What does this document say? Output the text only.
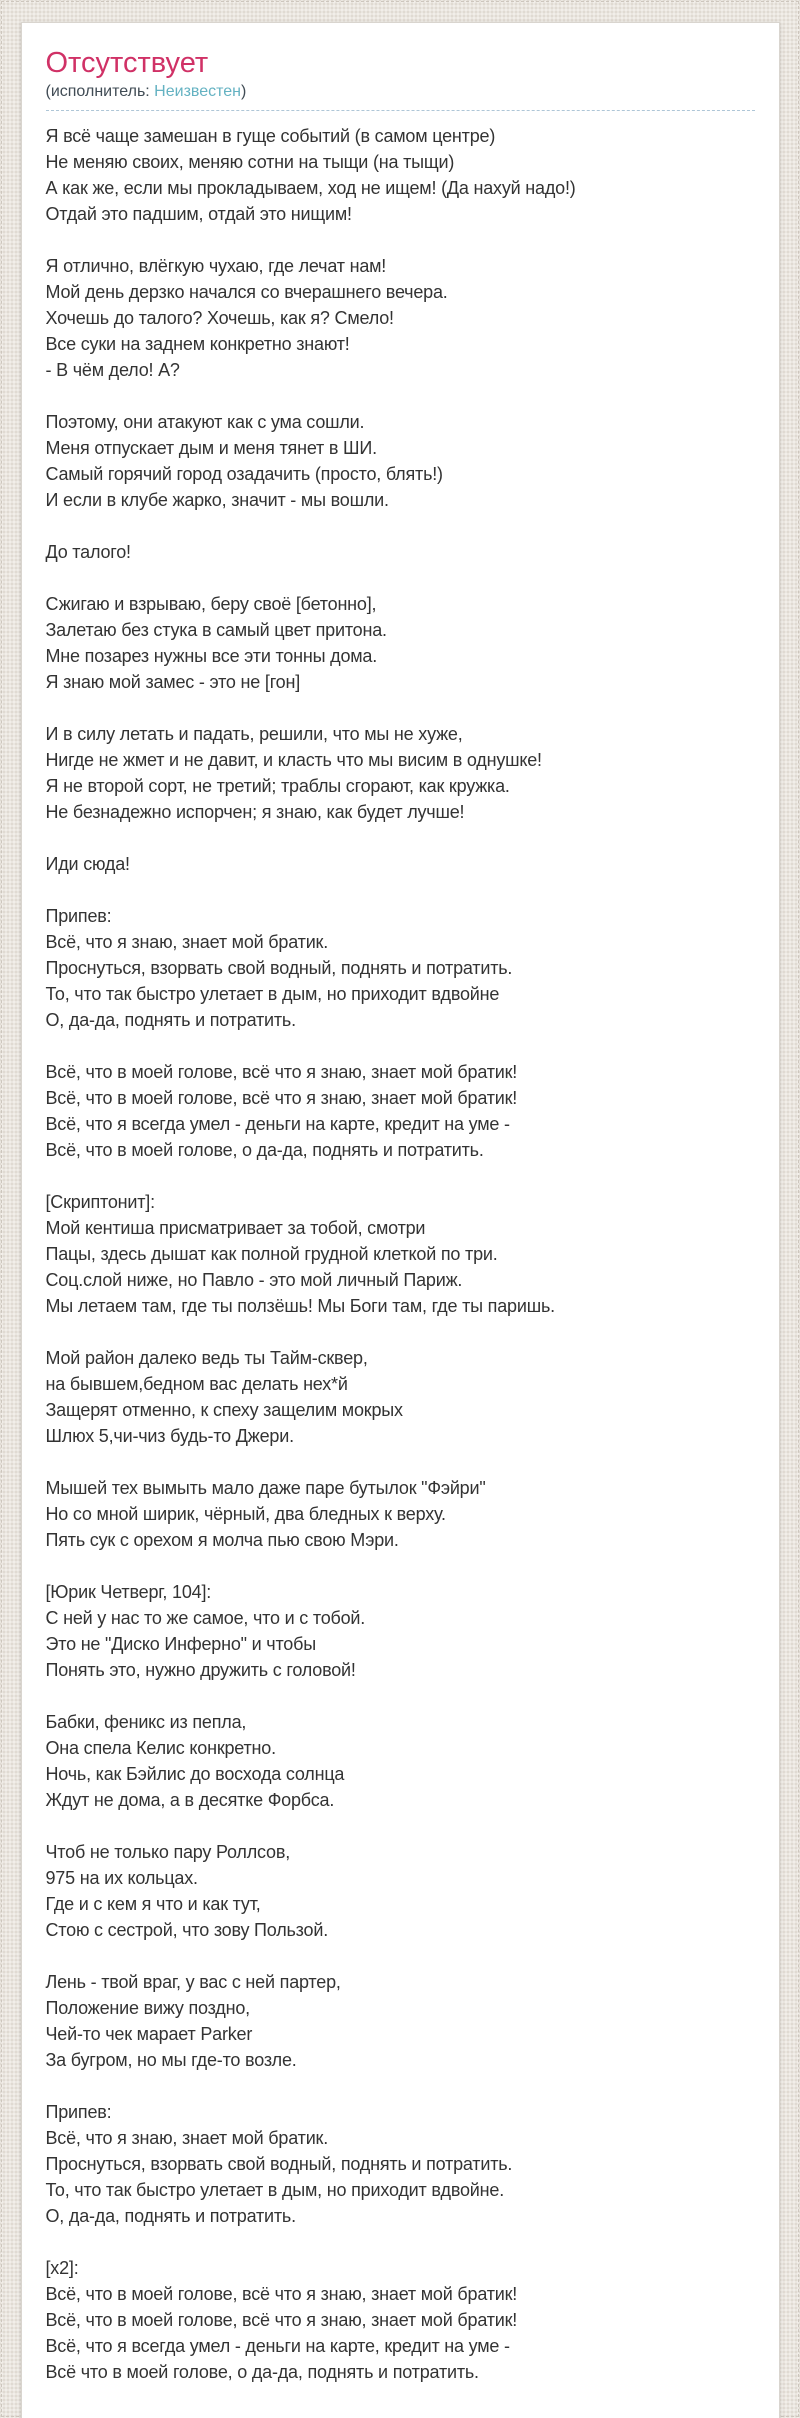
Отсутствует
(исполнитель: Неизвестен)

Я всё чаще замешан в гуще событий (в самом центре)
Не меняю своих, меняю сотни на тыщи (на тыщи)
А как же, если мы прокладываем, ход не ищем! (Да нахуй надо!)
Отдай это падшим, отдай это нищим!

Я отлично, влёгкую чухаю, где лечат нам!
Мой день дерзко начался со вчерашнего вечера.
Хочешь до талого? Хочешь, как я? Смело!
Все суки на заднем конкретно знают!
- В чём дело! А?

Поэтому, они атакуют как с ума сошли.
Меня отпускает дым и меня тянет в ШИ.
Самый горячий город озадачить (просто, блять!)
И если в клубе жарко, значит - мы вошли.

До талого!

Сжигаю и взрываю, беру своё [бетонно],
Залетаю без стука в самый цвет притона.
Мне позарез нужны все эти тонны дома.
Я знаю мой замес - это не [гон]

И в силу летать и падать, решили, что мы не хуже,
Нигде не жмет и не давит, и класть что мы висим в однушке!
Я не второй сорт, не третий; траблы сгорают, как кружка.
Не безнадежно испорчен; я знаю, как будет лучше!

Иди сюда!

Припев:
Всё, что я знаю, знает мой братик.
Проснуться, взорвать свой водный, поднять и потратить.
То, что так быстро улетает в дым, но приходит вдвойне
О, да-да, поднять и потратить.

Всё, что в моей голове, всё что я знаю, знает мой братик!
Всё, что в моей голове, всё что я знаю, знает мой братик!
Всё, что я всегда умел - деньги на карте, кредит на уме -
Всё, что в моей голове, о да-да, поднять и потратить.

[Скриптонит]:
Мой кентиша присматривает за тобой, смотри
Пацы, здесь дышат как полной грудной клеткой по три.
Соц.слой ниже, но Павло - это мой личный Париж.
Мы летаем там, где ты ползёшь! Мы Боги там, где ты паришь.

Мой район далеко ведь ты Тайм-сквер,
на бывшем,бедном вас делать нех*й
Защерят отменно, к спеху защелим мокрых
Шлюх 5,чи-чиз будь-то Джери.

Мышей тех вымыть мало даже паре бутылок "Фэйри"
Но со мной ширик, чёрный, два бледных к верху.
Пять сук с орехом я молча пью свою Мэри.

[Юрик Четверг, 104]:
С ней у нас то же самое, что и с тобой.
Это не "Диско Инферно" и чтобы
Понять это, нужно дружить с головой!

Бабки, феникс из пепла,
Она спела Келис конкретно.
Ночь, как Бэйлис до восхода солнца
Ждут не дома, а в десятке Форбса.

Чтоб не только пару Роллсов,
975 на их кольцах.
Где и с кем я что и как тут,
Стою с сестрой, что зову Пользой.

Лень - твой враг, у вас с ней партер,
Положение вижу поздно,
Чей-то чек марает Parker
За бугром, но мы где-то возле.

Припев:
Всё, что я знаю, знает мой братик.
Проснуться, взорвать свой водный, поднять и потратить.
То, что так быстро улетает в дым, но приходит вдвойне.
О, да-да, поднять и потратить.

[x2]:
Всё, что в моей голове, всё что я знаю, знает мой братик!
Всё, что в моей голове, всё что я знаю, знает мой братик!
Всё, что я всегда умел - деньги на карте, кредит на уме -
Всё что в моей голове, о да-да, поднять и потратить.
